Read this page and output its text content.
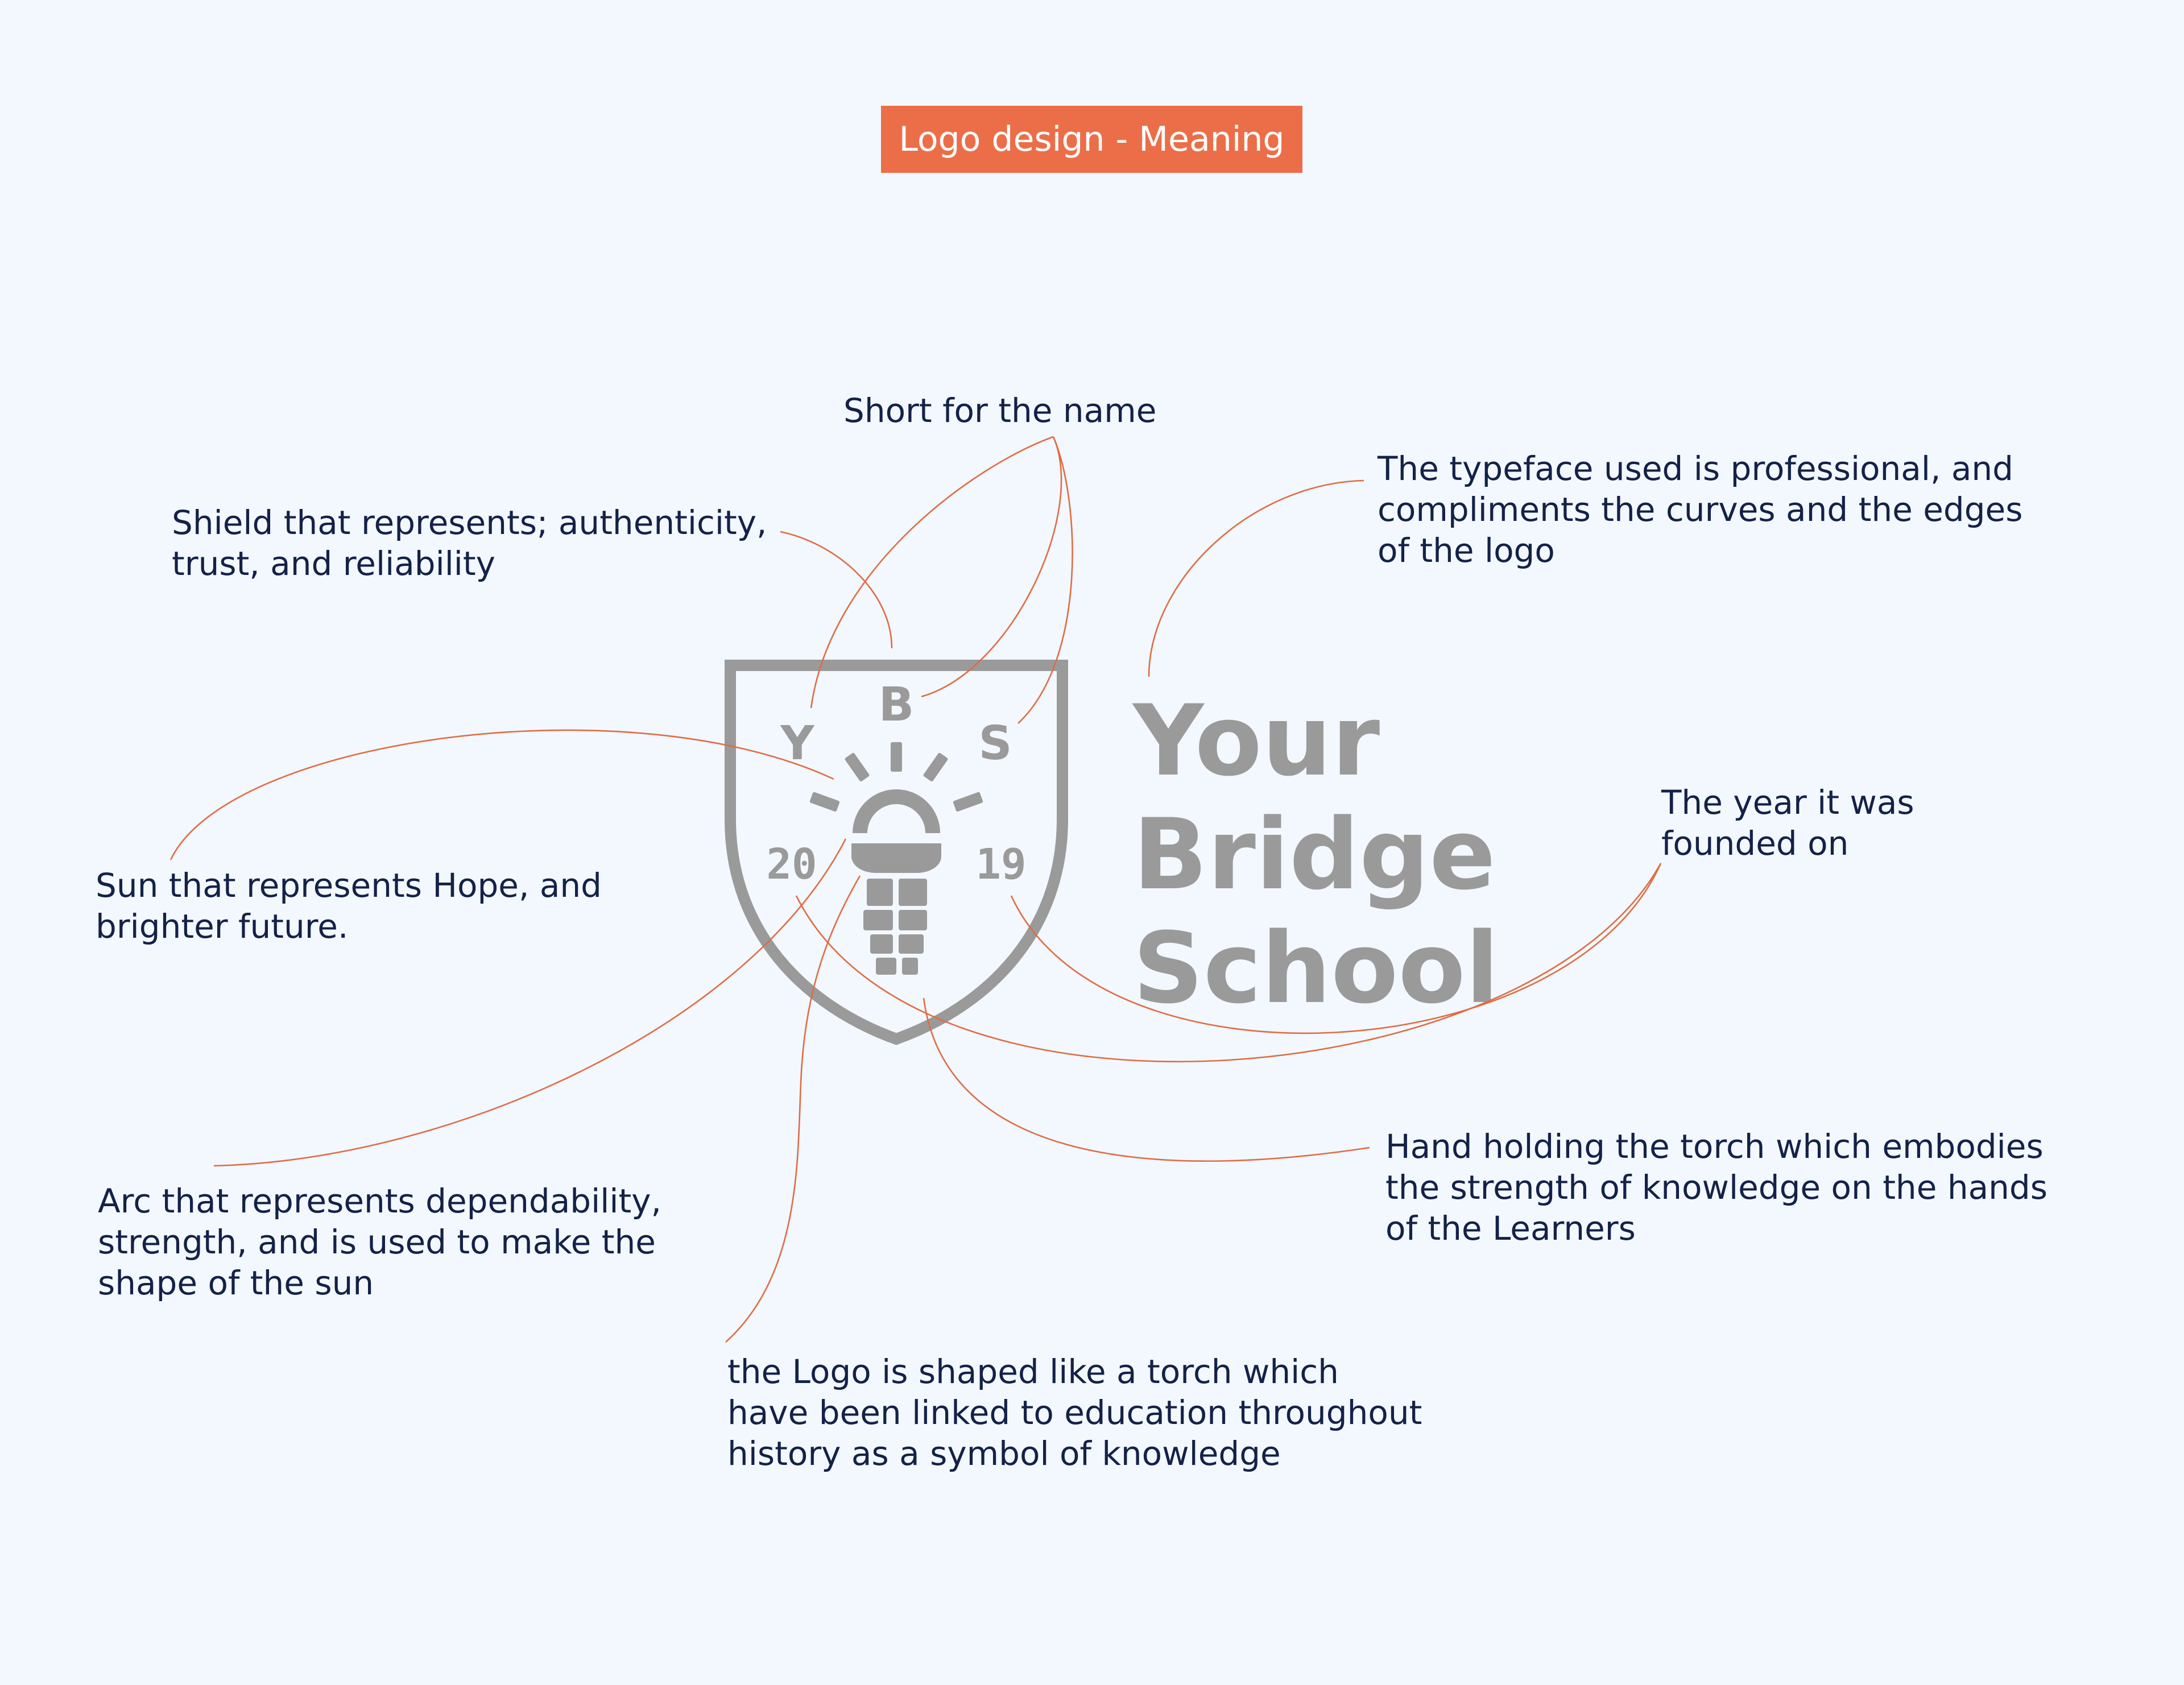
Logo design - Meaning
Y
B
S
20	19
Your
Bridge
School
Short for the name
Shield that represents; authenticity,
trust, and reliability
The typeface used is professional, and
compliments the curves and the edges
of the logo
Sun that represents Hope, and
brighter future.
The year it was
founded on
Hand holding the torch which embodies
the strength of knowledge on the hands
of the Learners
Arc that represents dependability,
strength, and is used to make the
shape of the sun
the Logo is shaped like a torch which
have been linked to education throughout
history as a symbol of knowledge
